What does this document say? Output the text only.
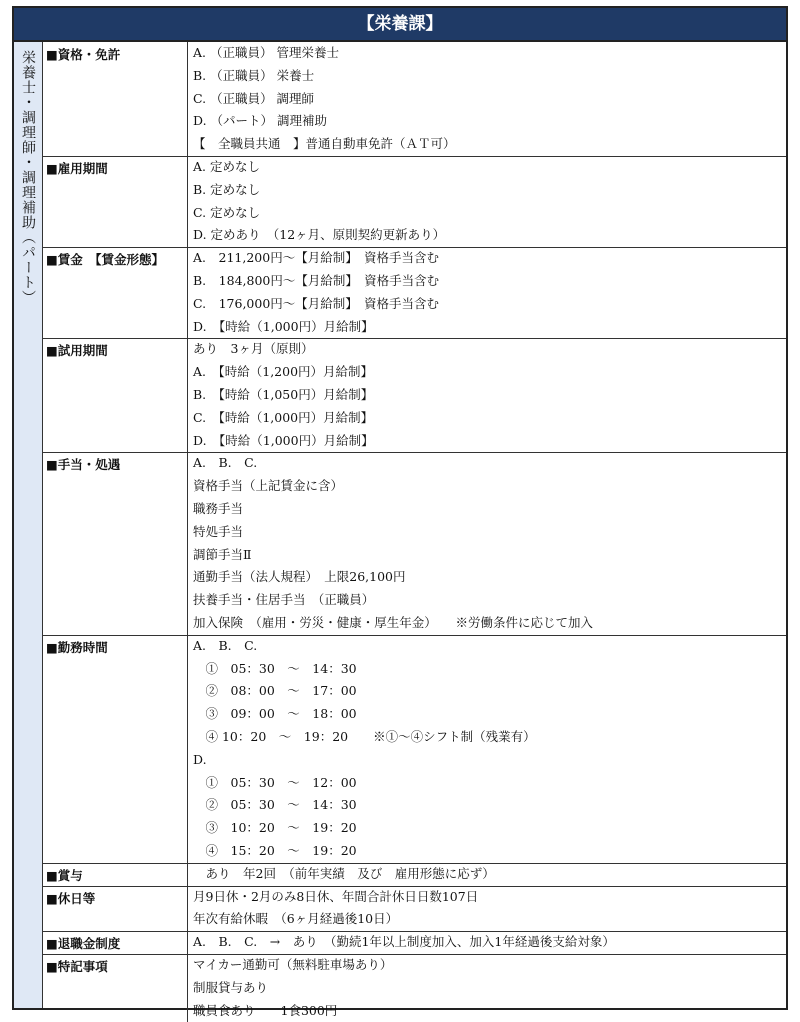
【栄養課】
栄養士・調理師・調理補助（パート） ■資格・免許	A. （正職員） 管理栄養士
B. （正職員） 栄養士
C. （正職員） 調理師
D. （パート） 調理補助
【　全職員共通　】普通自動車免許（ＡＴ可）
■雇用期間	A. 定めなし
B. 定めなし
C. 定めなし
D. 定めあり　（12ヶ月、原則契約更新あり）
■賃金　【賃金形態】	A.　211,200円～【月給制】　資格手当含む
B.　184,800円～【月給制】　資格手当含む
C.　176,000円～【月給制】　資格手当含む
D.　【時給（1,000円）月給制】
■試用期間	あり　3ヶ月（原則）
A.　【時給（1,200円）月給制】
B.　【時給（1,050円）月給制】
C.　【時給（1,000円）月給制】
D.　【時給（1,000円）月給制】
■手当・処遇	A.　B.　C.
資格手当（上記賃金に含）
職務手当
特処手当
調節手当Ⅱ
通勤手当（法人規程）　上限26,100円
扶養手当・住居手当　（正職員）
加入保険　（雇用・労災・健康・厚生年金）　　※労働条件に応じて加入
■勤務時間	A.　B.　C.
　①　05：30　～　14：30
　②　08：00　～　17：00
　③　09：00　～　18：00
　④ 10：20　～　19：20　　※①～④シフト制（残業有）
D.
　①　05：30　～　12：00
　②　05：30　～　14：30
　③　10：20　～　19：20
　④　15：20　～　19：20
■賞与	　あり　年2回　（前年実績　及び　雇用形態に応ず）
■休日等	月9日休・2月のみ8日休、年間合計休日日数107日
年次有給休暇　（6ヶ月経過後10日）
■退職金制度	A.　B.　C.　→　あり　（勤続1年以上制度加入、加入1年経過後支給対象）
■特記事項	マイカー通勤可（無料駐車場あり）
制服貸与あり
職員食あり　　1食300円
